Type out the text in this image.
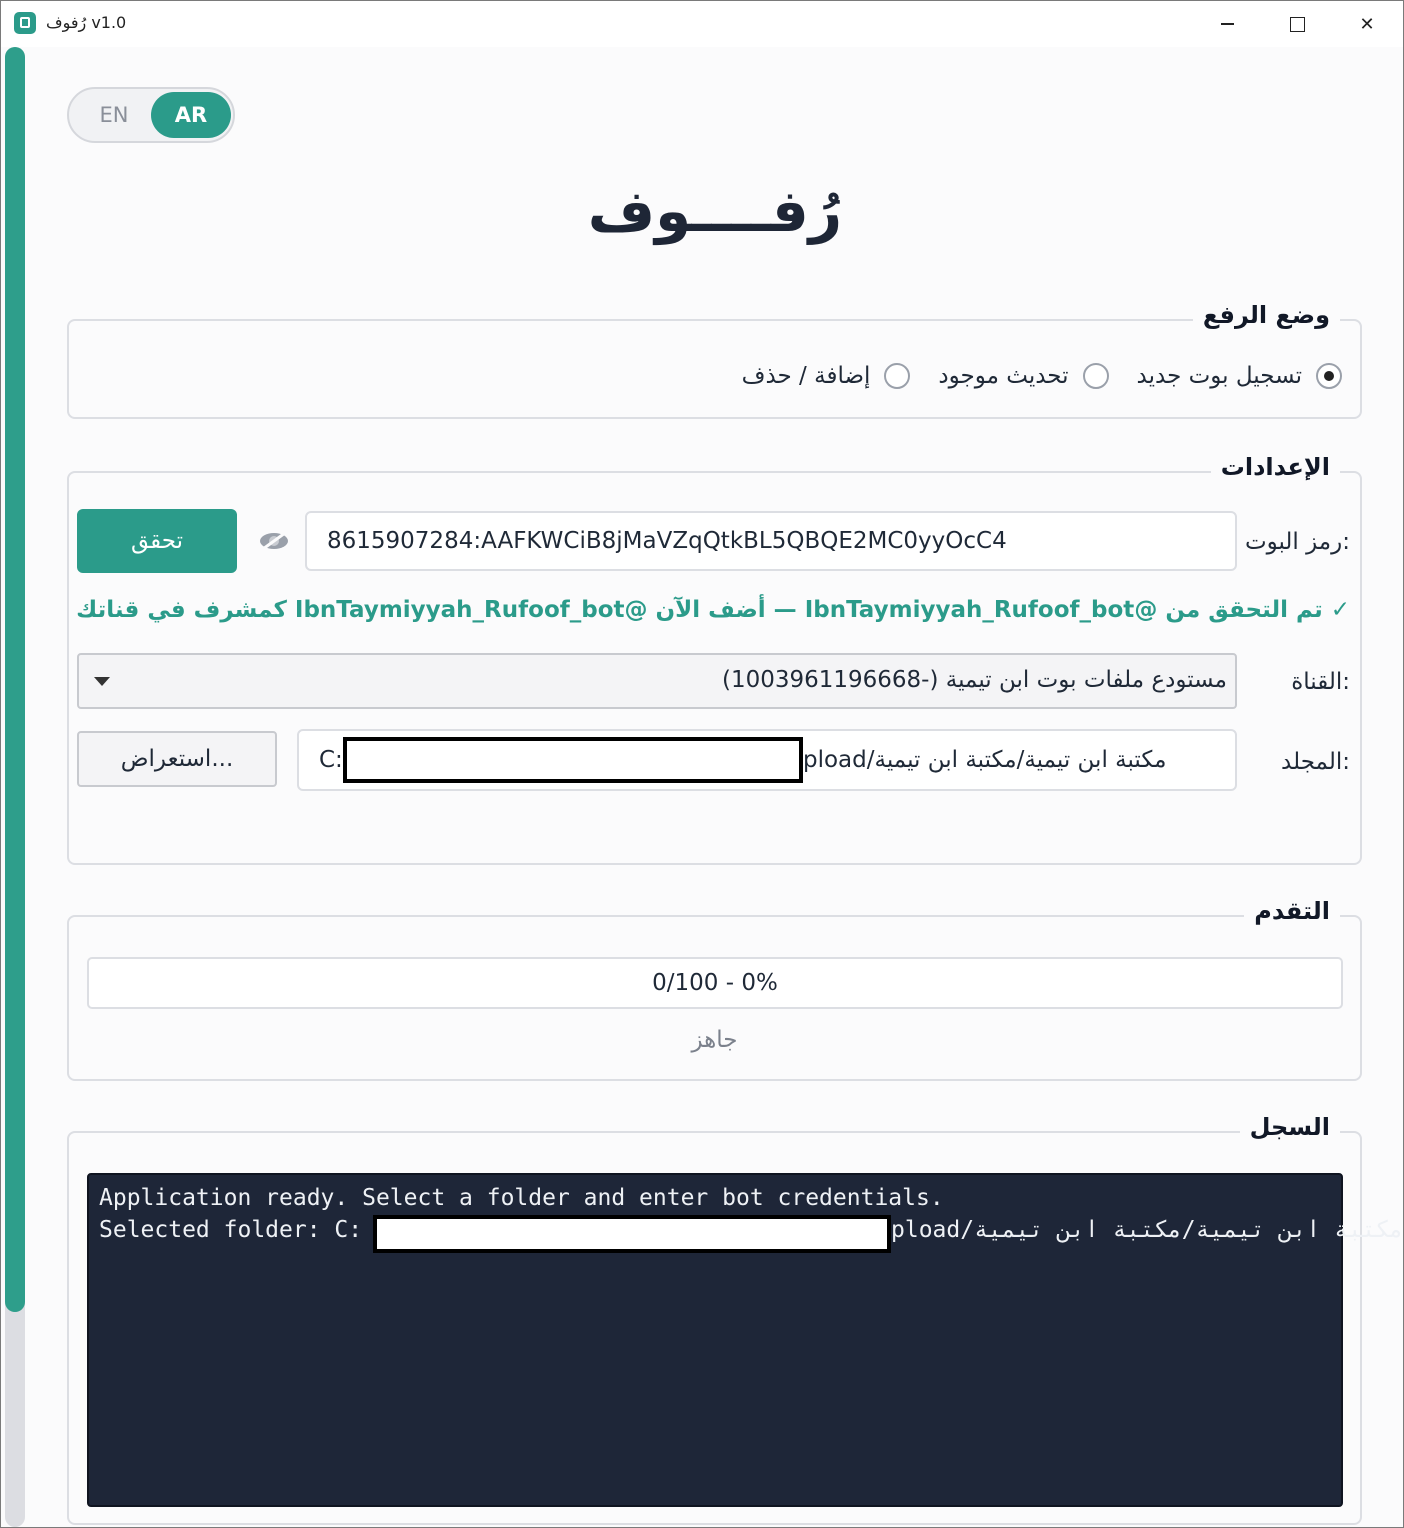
رُفوف v1.0	✕
EN	AR
رُفــــوف
وضع الرفع
تسجيل بوت جديد
تحديث موجود
إضافة / حذف
الإعدادات
رمز البوت:
8615907284:AAFKWCiB8jMaVZqQtkBL5QBQE2MC0yyOcC4
تحقق
✓ تم التحقق من @IbnTaymiyyah_Rufoof_bot — أضف الآن @IbnTaymiyyah_Rufoof_bot كمشرف في قناتك
القناة:
مستودع ملفات بوت ابن تيمية (-1003961196668)
المجلد:
C:	pload/مكتبة ابن تيمية/مكتبة ابن تيمية
استعراض...
التقدم
0/100 - 0%
جاهز
السجل
Application ready. Select a folder and enter bot credentials.
Selected folder: C:	pload/مكتبة ابن تيمية/مكتبة ابن تيمية
